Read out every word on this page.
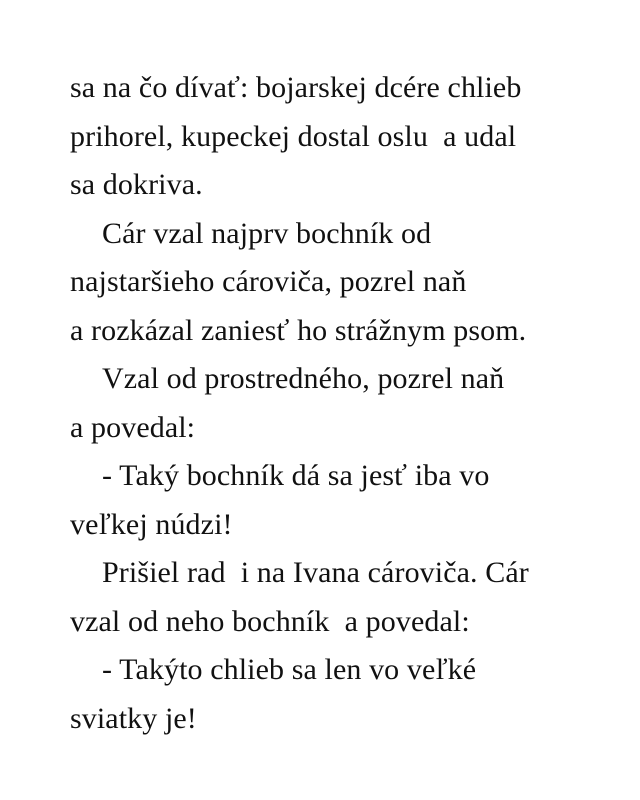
sa na čo dívať: bojarskej dcére chlieb
prihorel, kupeckej dostal oslu  a udal
sa dokriva.
Cár vzal najprv bochník od
najstaršieho cároviča, pozrel naň
a rozkázal zaniesť ho strážnym psom.
Vzal od prostredného, pozrel naň
a povedal:
- Taký bochník dá sa jesť iba vo
veľkej núdzi!
Prišiel rad  i na Ivana cároviča. Cár
vzal od neho bochník  a povedal:
- Takýto chlieb sa len vo veľké
sviatky je!
